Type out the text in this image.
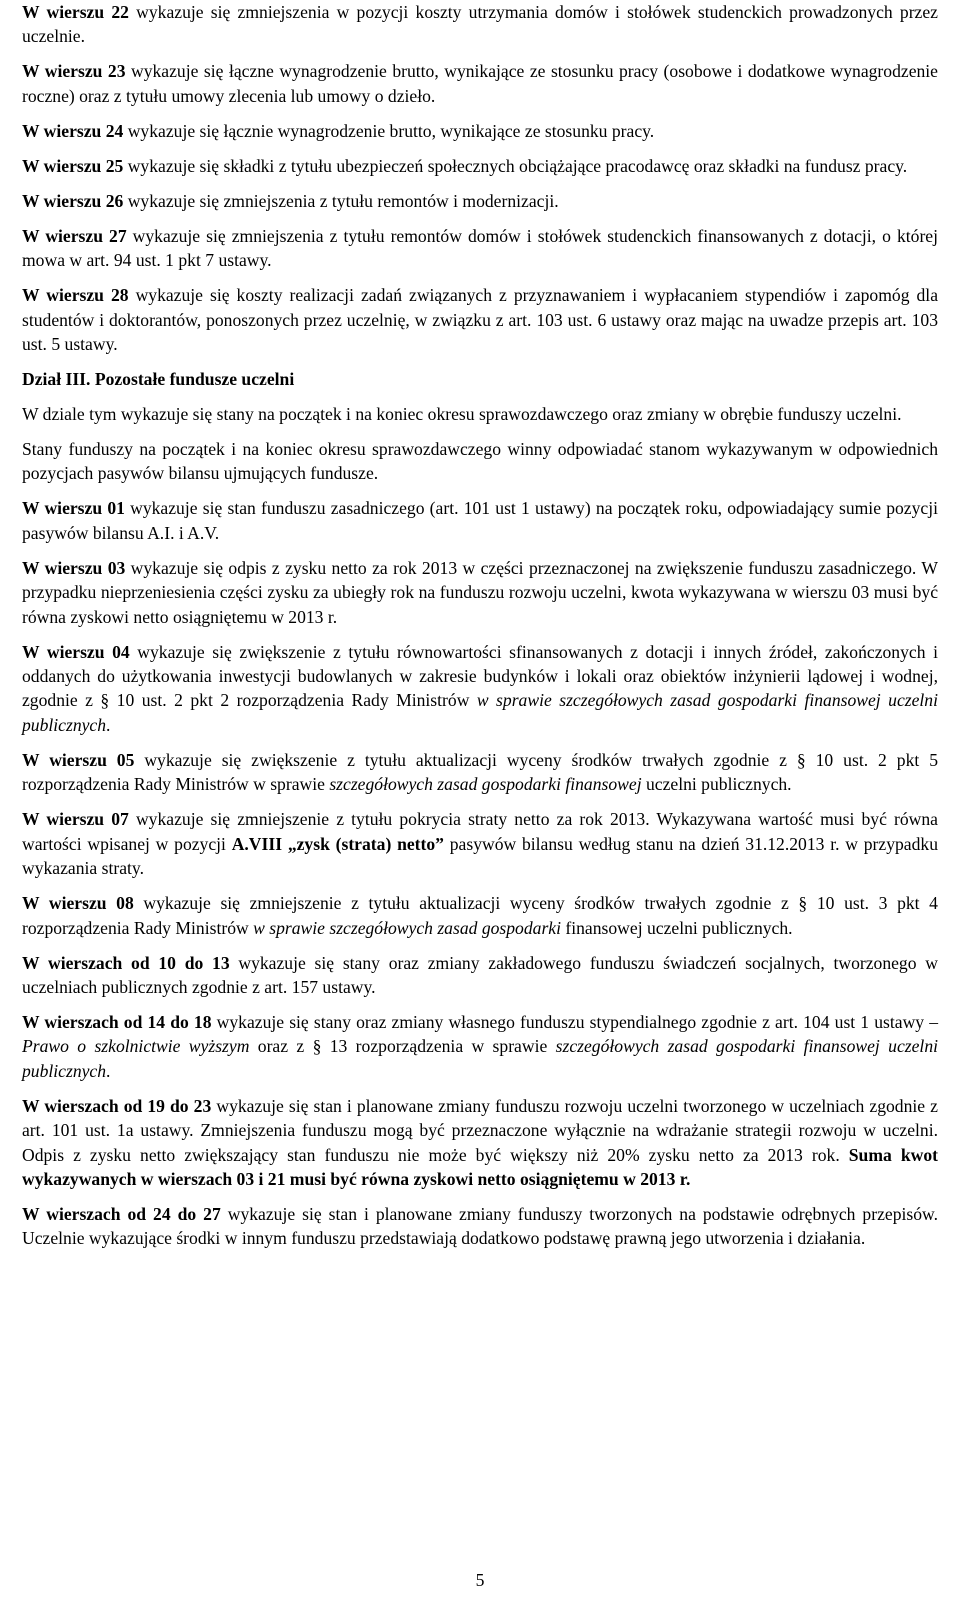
W wierszu 22 wykazuje się zmniejszenia w pozycji koszty utrzymania domów i stołówek studenckich prowadzonych przez uczelnie.

W wierszu 23 wykazuje się łączne wynagrodzenie brutto, wynikające ze stosunku pracy (osobowe i dodatkowe wynagrodzenie roczne) oraz z tytułu umowy zlecenia lub umowy o dzieło.

W wierszu 24 wykazuje się łącznie wynagrodzenie brutto, wynikające ze stosunku pracy.

W wierszu 25 wykazuje się składki z tytułu ubezpieczeń społecznych obciążające pracodawcę oraz składki na fundusz pracy.

W wierszu 26 wykazuje się zmniejszenia z tytułu remontów i modernizacji.

W wierszu 27 wykazuje się zmniejszenia z tytułu remontów domów i stołówek studenckich finansowanych z dotacji, o której mowa w art. 94 ust. 1 pkt 7 ustawy.

W wierszu 28 wykazuje się koszty realizacji zadań związanych z przyznawaniem i wypłacaniem stypendiów i zapomóg dla studentów i doktorantów, ponoszonych przez uczelnię, w związku z art. 103 ust. 6 ustawy oraz mając na uwadze przepis art. 103 ust. 5 ustawy.

Dział III. Pozostałe fundusze uczelni

W dziale tym wykazuje się stany na początek i na koniec okresu sprawozdawczego oraz zmiany w obrębie funduszy uczelni.

Stany funduszy na początek i na koniec okresu sprawozdawczego winny odpowiadać stanom wykazywanym w odpowiednich pozycjach pasywów bilansu ujmujących fundusze.

W wierszu 01 wykazuje się stan funduszu zasadniczego (art. 101 ust 1 ustawy) na początek roku, odpowiadający sumie pozycji pasywów bilansu A.I. i A.V.

W wierszu 03 wykazuje się odpis z zysku netto za rok 2013 w części przeznaczonej na zwiększenie funduszu zasadniczego. W przypadku nieprzeniesienia części zysku za ubiegły rok na funduszu rozwoju uczelni, kwota wykazywana w wierszu 03 musi być równa zyskowi netto osiągniętemu w 2013 r.

W wierszu 04 wykazuje się zwiększenie z tytułu równowartości sfinansowanych z dotacji i innych źródeł, zakończonych i oddanych do użytkowania inwestycji budowlanych w zakresie budynków i lokali oraz obiektów inżynierii lądowej i wodnej, zgodnie z § 10 ust. 2 pkt 2 rozporządzenia Rady Ministrów w sprawie szczegółowych zasad gospodarki finansowej uczelni publicznych.

W wierszu 05 wykazuje się zwiększenie z tytułu aktualizacji wyceny środków trwałych zgodnie z § 10 ust. 2 pkt 5 rozporządzenia Rady Ministrów w sprawie szczegółowych zasad gospodarki finansowej uczelni publicznych.

W wierszu 07 wykazuje się zmniejszenie z tytułu pokrycia straty netto za rok 2013. Wykazywana wartość musi być równa wartości wpisanej w pozycji A.VIII „zysk (strata) netto” pasywów bilansu według stanu na dzień 31.12.2013 r. w przypadku wykazania straty.

W wierszu 08 wykazuje się zmniejszenie z tytułu aktualizacji wyceny środków trwałych zgodnie z § 10 ust. 3 pkt 4 rozporządzenia Rady Ministrów w sprawie szczegółowych zasad gospodarki finansowej uczelni publicznych.

W wierszach od 10 do 13 wykazuje się stany oraz zmiany zakładowego funduszu świadczeń socjalnych, tworzonego w uczelniach publicznych zgodnie z art. 157 ustawy.

W wierszach od 14 do 18 wykazuje się stany oraz zmiany własnego funduszu stypendialnego zgodnie z art. 104 ust 1 ustawy – Prawo o szkolnictwie wyższym oraz z § 13 rozporządzenia w sprawie szczegółowych zasad gospodarki finansowej uczelni publicznych.

W wierszach od 19 do 23 wykazuje się stan i planowane zmiany funduszu rozwoju uczelni tworzonego w uczelniach zgodnie z art. 101 ust. 1a ustawy. Zmniejszenia funduszu mogą być przeznaczone wyłącznie na wdrażanie strategii rozwoju w uczelni. Odpis z zysku netto zwiększający stan funduszu nie może być większy niż 20% zysku netto za 2013 rok. Suma kwot wykazywanych w wierszach 03 i 21 musi być równa zyskowi netto osiągniętemu w 2013 r.

W wierszach od 24 do 27 wykazuje się stan i planowane zmiany funduszy tworzonych na podstawie odrębnych przepisów. Uczelnie wykazujące środki w innym funduszu przedstawiają dodatkowo podstawę prawną jego utworzenia i działania.

5
